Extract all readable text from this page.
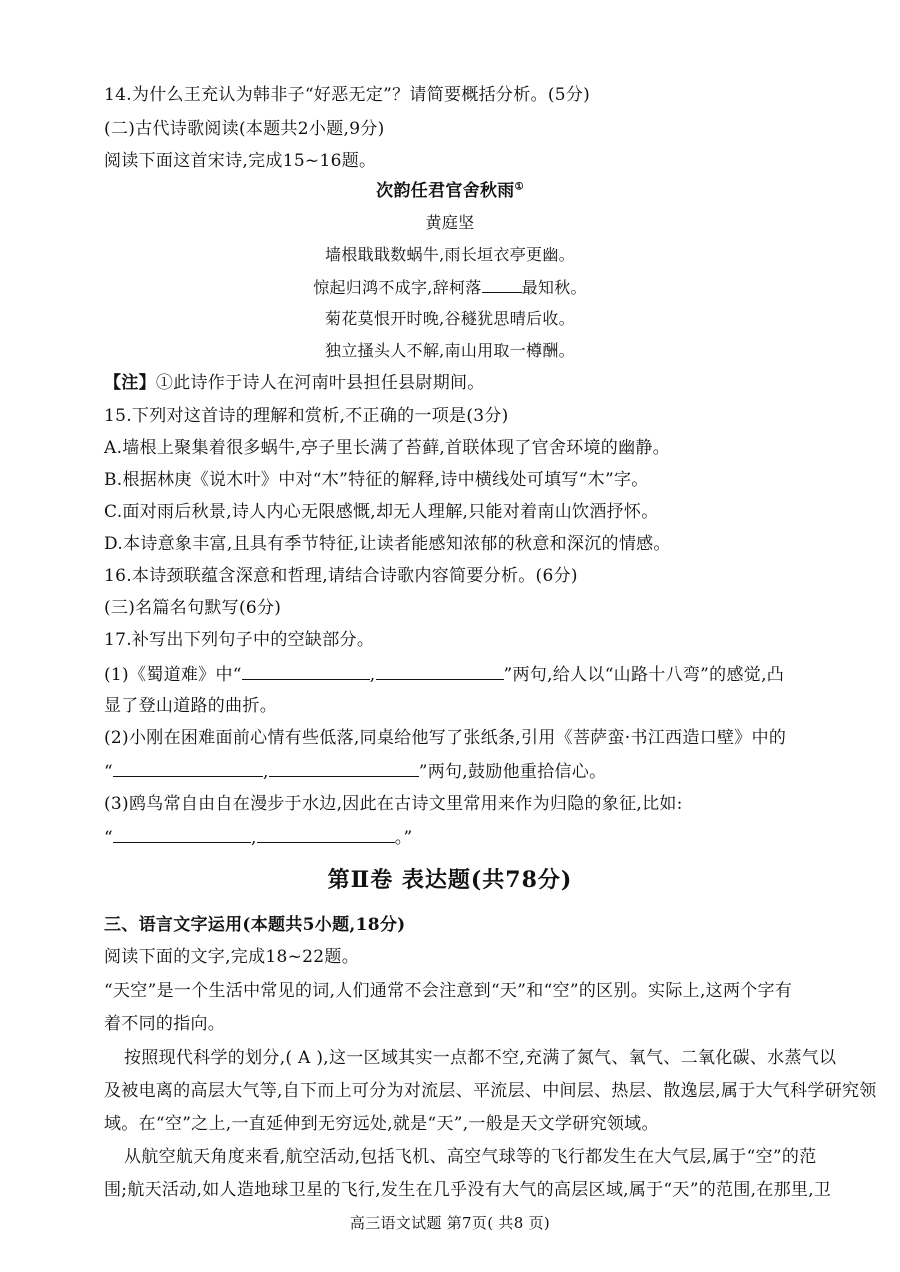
14.为什么王充认为韩非子“好恶无定”？请简要概括分析。(5分)
(二)古代诗歌阅读(本题共2小题,9分)
阅读下面这首宋诗,完成15~16题。
次韵任君官舍秋雨①
黄庭坚
墙根戢戢数蜗牛,雨长垣衣亭更幽。
惊起归鸿不成字,辞柯落	最知秋。
菊花莫恨开时晚,谷穟犹思晴后收。
独立搔头人不解,南山用取一樽酬。
【注】①此诗作于诗人在河南叶县担任县尉期间。
15.下列对这首诗的理解和赏析,不正确的一项是(3分)
A.墙根上聚集着很多蜗牛,亭子里长满了苔藓,首联体现了官舍环境的幽静。
B.根据林庚《说木叶》中对“木”特征的解释,诗中横线处可填写“木”字。
C.面对雨后秋景,诗人内心无限感慨,却无人理解,只能对着南山饮酒抒怀。
D.本诗意象丰富,且具有季节特征,让读者能感知浓郁的秋意和深沉的情感。
16.本诗颈联蕴含深意和哲理,请结合诗歌内容简要分析。(6分)
(三)名篇名句默写(6分)
17.补写出下列句子中的空缺部分。
(1)《蜀道难》中“	,	”两句,给人以“山路十八弯”的感觉,凸
显了登山道路的曲折。
(2)小刚在困难面前心情有些低落,同桌给他写了张纸条,引用《菩萨蛮·书江西造口壁》中的
“	,	”两句,鼓励他重拾信心。
(3)鸥鸟常自由自在漫步于水边,因此在古诗文里常用来作为归隐的象征,比如:
“	,	。”
第Ⅱ卷 表达题(共78分)
三、语言文字运用(本题共5小题,18分)
阅读下面的文字,完成18~22题。
“天空”是一个生活中常见的词,人们通常不会注意到“天”和“空”的区别。实际上,这两个字有
着不同的指向。
按照现代科学的划分,( A ),这一区域其实一点都不空,充满了氮气、氧气、二氧化碳、水蒸气以
及被电离的高层大气等,自下而上可分为对流层、平流层、中间层、热层、散逸层,属于大气科学研究领
域。在“空”之上,一直延伸到无穷远处,就是“天”,一般是天文学研究领域。
从航空航天角度来看,航空活动,包括飞机、高空气球等的飞行都发生在大气层,属于“空”的范
围;航天活动,如人造地球卫星的飞行,发生在几乎没有大气的高层区域,属于“天”的范围,在那里,卫
高三语文试题 第7页( 共8 页)
